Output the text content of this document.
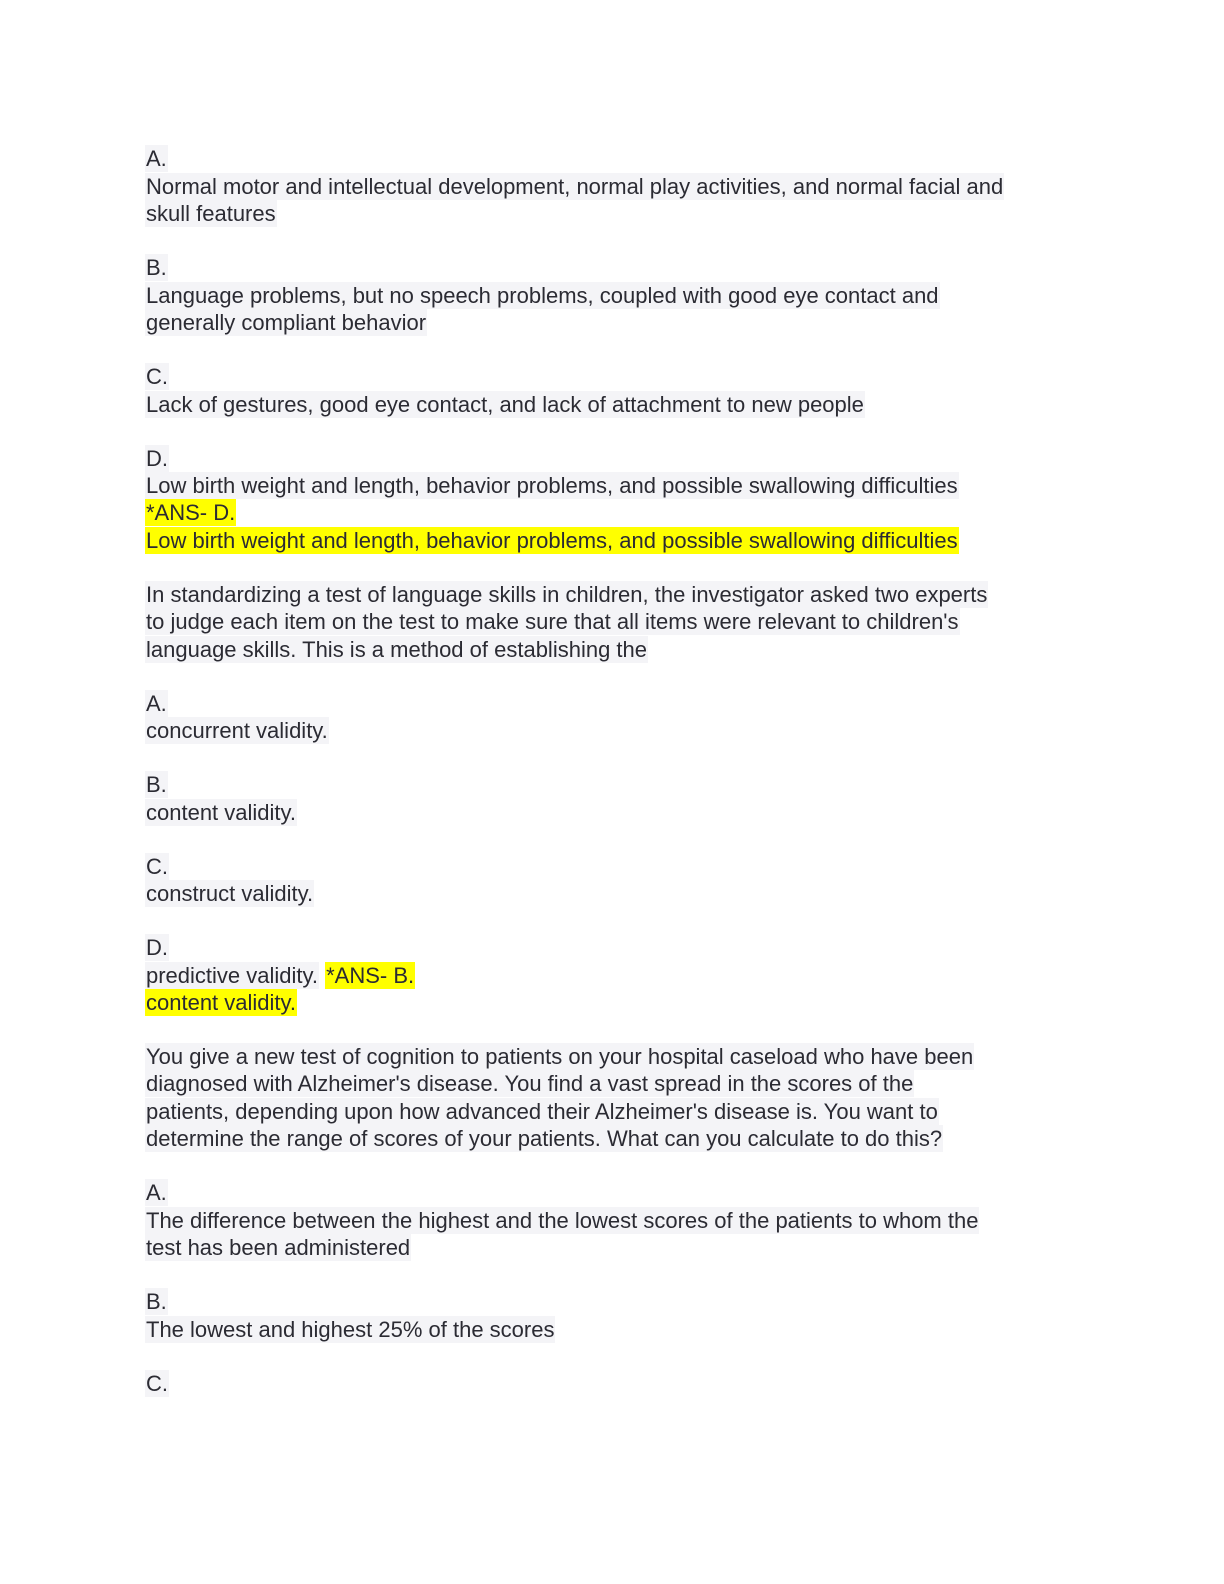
A.
Normal motor and intellectual development, normal play activities, and normal facial and
skull features
B.
Language problems, but no speech problems, coupled with good eye contact and
generally compliant behavior
C.
Lack of gestures, good eye contact, and lack of attachment to new people
D.
Low birth weight and length, behavior problems, and possible swallowing difficulties
*ANS- D.
Low birth weight and length, behavior problems, and possible swallowing difficulties
In standardizing a test of language skills in children, the investigator asked two experts
to judge each item on the test to make sure that all items were relevant to children's
language skills. This is a method of establishing the
A.
concurrent validity.
B.
content validity.
C.
construct validity.
D.
predictive validity. *ANS- B.
content validity.
You give a new test of cognition to patients on your hospital caseload who have been
diagnosed with Alzheimer's disease. You find a vast spread in the scores of the
patients, depending upon how advanced their Alzheimer's disease is. You want to
determine the range of scores of your patients. What can you calculate to do this?
A.
The difference between the highest and the lowest scores of the patients to whom the
test has been administered
B.
The lowest and highest 25% of the scores
C.
